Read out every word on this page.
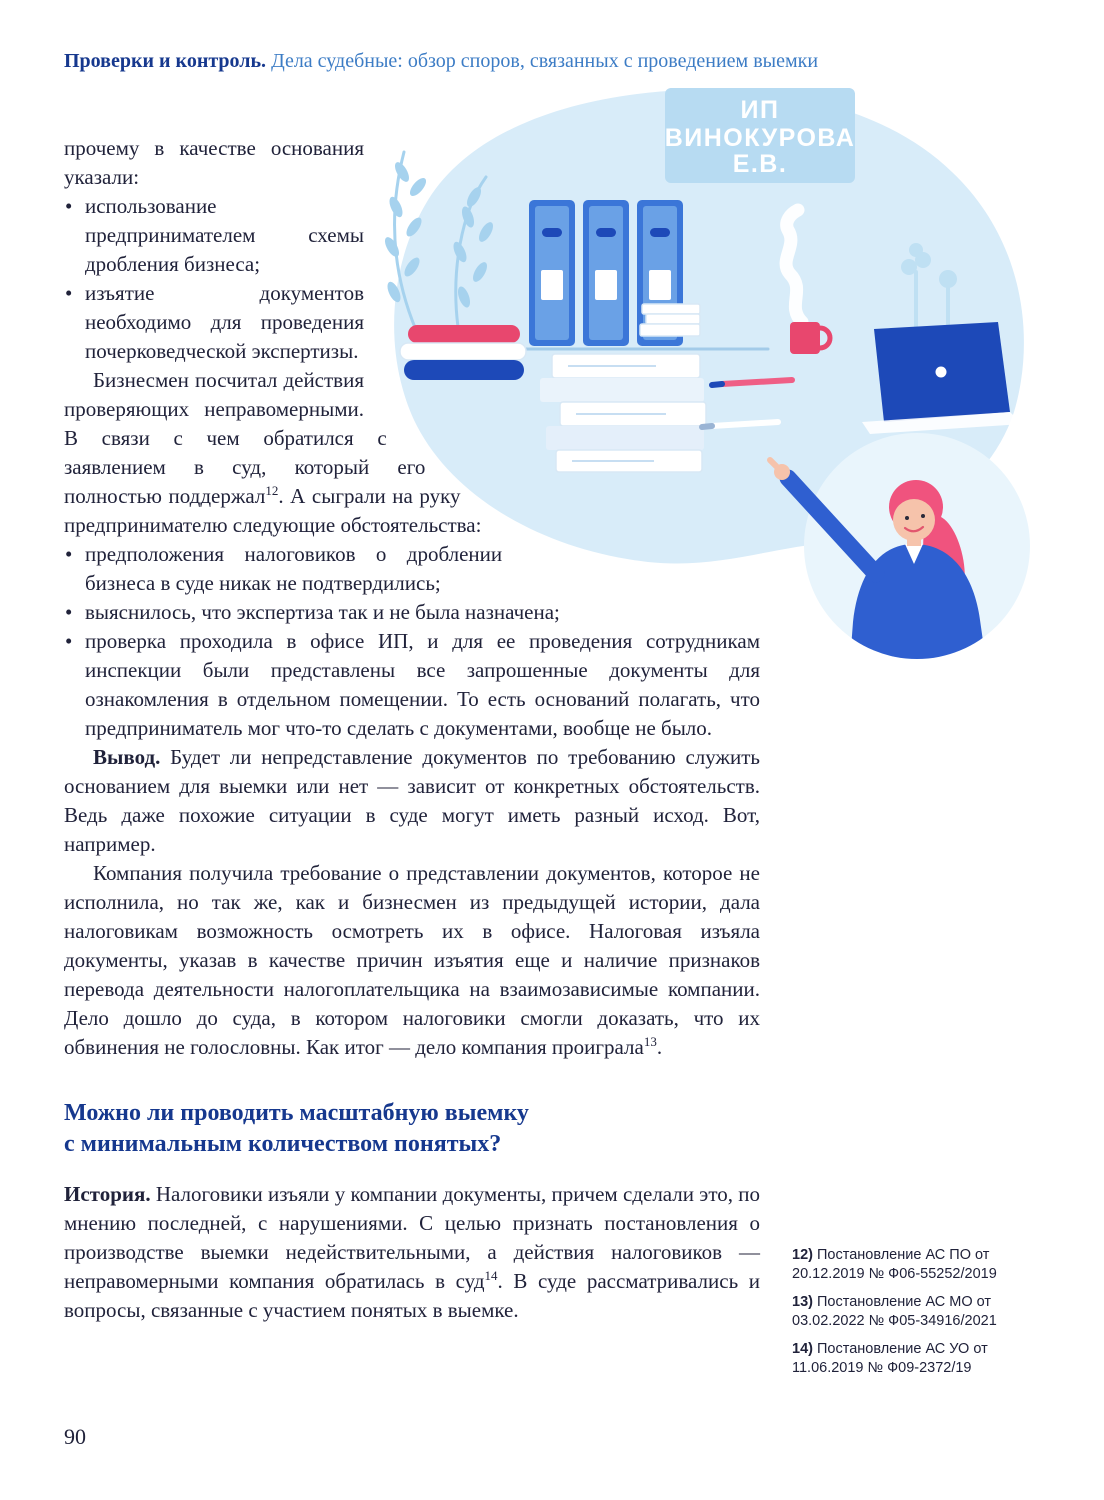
Проверки и контроль. Дела судебные: обзор споров, связанных с проведением выемки
ИП
ВИНОКУРОВА
Е.В.

прочему в качестве основания указали:

• использование предпринимателем схемы дробления бизнеса;
• изъятие документов необходимо для проведения почерковедческой экспертизы.

Бизнесмен посчитал действия проверяющих неправомерными. В связи с чем обратился с заявлением в суд, который его полностью поддержал$^{12}$. А сыграли на руку предпринимателю следующие обстоятельства:

• предположения налоговиков о дроблении бизнеса в суде никак не подтвердились;
• выяснилось, что экспертиза так и не была назначена;
• проверка проходила в офисе ИП, и для ее проведения сотрудникам инспекции были представлены все запрошенные документы для ознакомления в отдельном помещении. То есть оснований полагать, что предприниматель мог что-то сделать с документами, вообще не было.

Вывод. Будет ли непредставление документов по требованию служить основанием для выемки или нет — зависит от конкретных обстоятельств. Ведь даже похожие ситуации в суде могут иметь разный исход. Вот, например.

Компания получила требование о представлении документов, которое не исполнила, но так же, как и бизнесмен из предыдущей истории, дала налоговикам возможность осмотреть их в офисе. Налоговая изъяла документы, указав в качестве причин изъятия еще и наличие признаков перевода деятельности налогоплательщика на взаимозависимые компании. Дело дошло до суда, в котором налоговики смогли доказать, что их обвинения не голословны. Как итог — дело компания проиграла$^{13}$.

Можно ли проводить масштабную выемку
с минимальным количеством понятых?

История. Налоговики изъяли у компании документы, причем сделали это, по мнению последней, с нарушениями. С целью признать постановления о производстве выемки недействительными, а действия налоговиков — неправомерными компания обратилась в суд$^{14}$. В суде рассматривались и вопросы, связанные с участием понятых в выемке.

12) Постановление АС ПО от 20.12.2019 № Ф06-55252/2019
13) Постановление АС МО от 03.02.2022 № Ф05-34916/2021
14) Постановление АС УО от 11.06.2019 № Ф09-2372/19
90
